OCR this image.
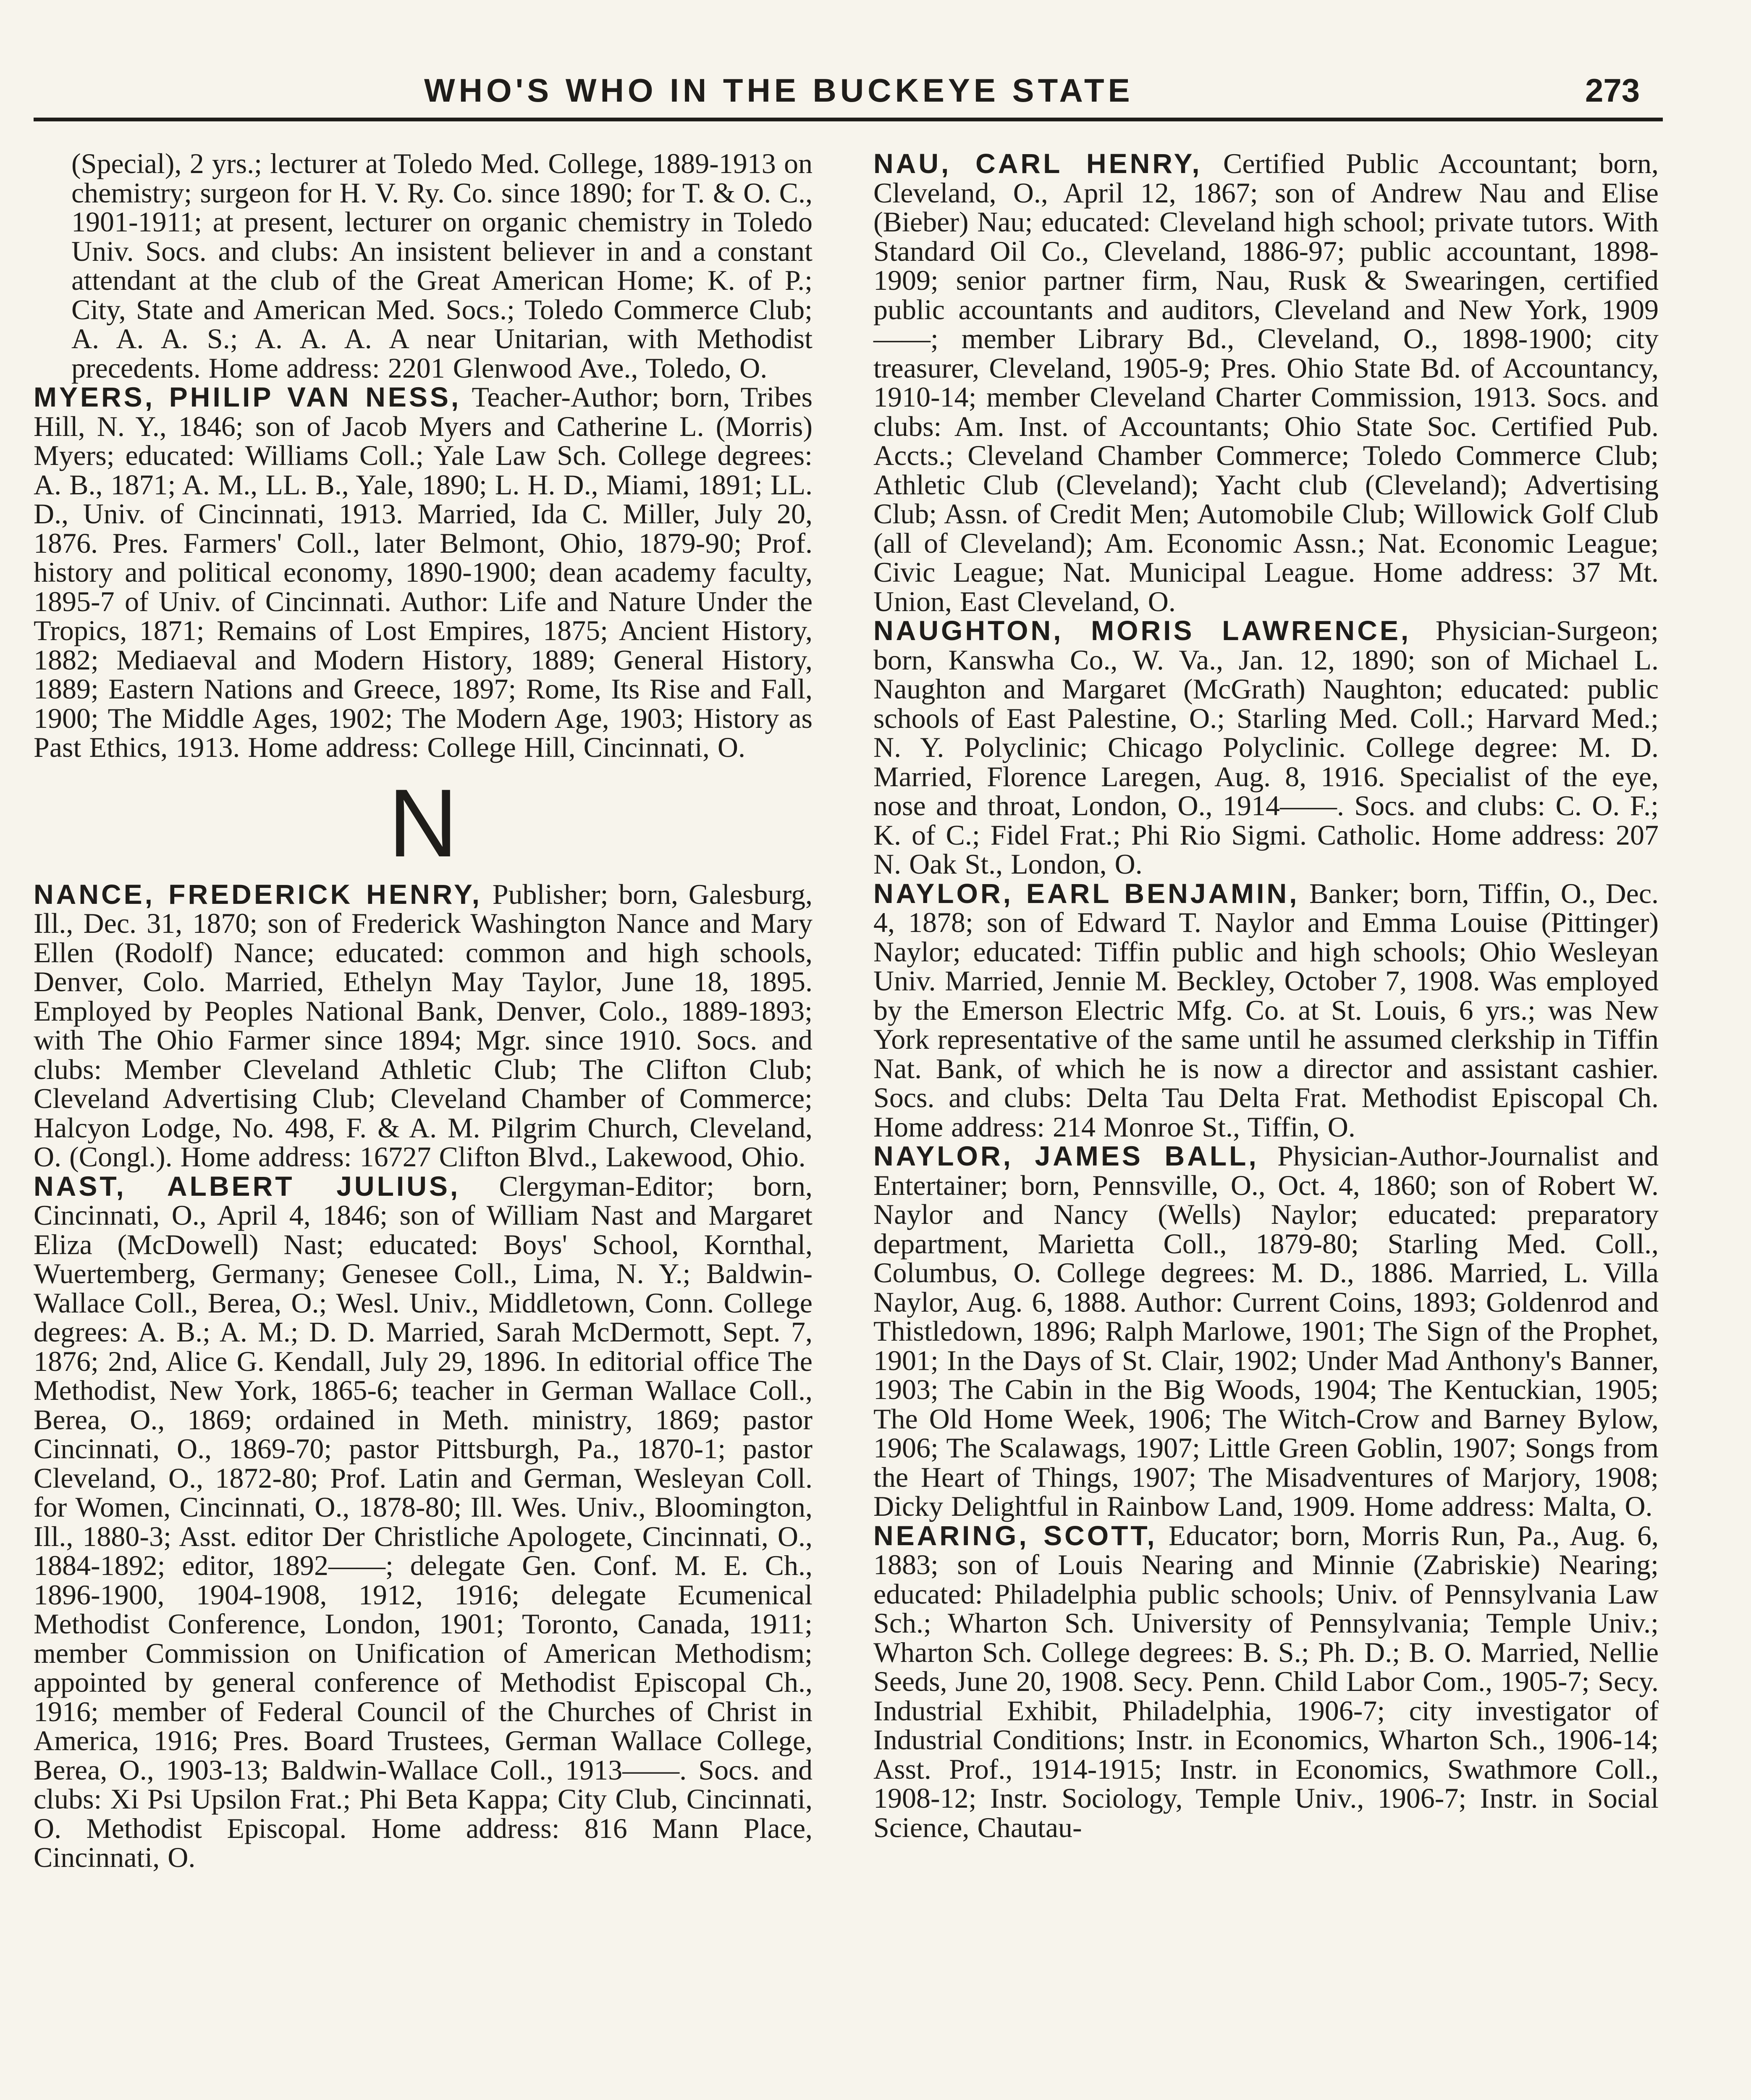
WHO'S WHO IN THE BUCKEYE STATE	273

(Special), 2 yrs.; lecturer at Toledo Med. College, 1889-1913 on chemistry; surgeon for H. V. Ry. Co. since 1890; for T. & O. C., 1901-1911; at present, lecturer on organic chemistry in Toledo Univ. Socs. and clubs: An insistent believer in and a constant attendant at the club of the Great American Home; K. of P.; City, State and American Med. Socs.; Toledo Commerce Club; A. A. A. S.; A. A. A. A near Unitarian, with Methodist precedents. Home address: 2201 Glenwood Ave., Toledo, O.

MYERS, PHILIP VAN NESS, Teacher-Author; born, Tribes Hill, N. Y., 1846; son of Jacob Myers and Catherine L. (Morris) Myers; educated: Williams Coll.; Yale Law Sch. College degrees: A. B., 1871; A. M., LL. B., Yale, 1890; L. H. D., Miami, 1891; LL. D., Univ. of Cincinnati, 1913. Married, Ida C. Miller, July 20, 1876. Pres. Farmers' Coll., later Belmont, Ohio, 1879-90; Prof. history and political economy, 1890-1900; dean academy faculty, 1895-7 of Univ. of Cincinnati. Author: Life and Nature Under the Tropics, 1871; Remains of Lost Empires, 1875; Ancient History, 1882; Mediaeval and Modern History, 1889; General History, 1889; Eastern Nations and Greece, 1897; Rome, Its Rise and Fall, 1900; The Middle Ages, 1902; The Modern Age, 1903; History as Past Ethics, 1913. Home address: College Hill, Cincinnati, O.

N

NANCE, FREDERICK HENRY, Publisher; born, Galesburg, Ill., Dec. 31, 1870; son of Frederick Washington Nance and Mary Ellen (Rodolf) Nance; educated: common and high schools, Denver, Colo. Married, Ethelyn May Taylor, June 18, 1895. Employed by Peoples National Bank, Denver, Colo., 1889-1893; with The Ohio Farmer since 1894; Mgr. since 1910. Socs. and clubs: Member Cleveland Athletic Club; The Clifton Club; Cleveland Advertising Club; Cleveland Chamber of Commerce; Halcyon Lodge, No. 498, F. & A. M. Pilgrim Church, Cleveland, O. (Congl.). Home address: 16727 Clifton Blvd., Lakewood, Ohio.

NAST, ALBERT JULIUS, Clergyman-Editor; born, Cincinnati, O., April 4, 1846; son of William Nast and Margaret Eliza (McDowell) Nast; educated: Boys' School, Kornthal, Wuertemberg, Germany; Genesee Coll., Lima, N. Y.; Baldwin-Wallace Coll., Berea, O.; Wesl. Univ., Middletown, Conn. College degrees: A. B.; A. M.; D. D. Married, Sarah McDermott, Sept. 7, 1876; 2nd, Alice G. Kendall, July 29, 1896. In editorial office The Methodist, New York, 1865-6; teacher in German Wallace Coll., Berea, O., 1869; ordained in Meth. ministry, 1869; pastor Cincinnati, O., 1869-70; pastor Pittsburgh, Pa., 1870-1; pastor Cleveland, O., 1872-80; Prof. Latin and German, Wesleyan Coll. for Women, Cincinnati, O., 1878-80; Ill. Wes. Univ., Bloomington, Ill., 1880-3; Asst. editor Der Christliche Apologete, Cincinnati, O., 1884-1892; editor, 1892——; delegate Gen. Conf. M. E. Ch., 1896-1900, 1904-1908, 1912, 1916; delegate Ecumenical Methodist Conference, London, 1901; Toronto, Canada, 1911; member Commission on Unification of American Methodism; appointed by general conference of Methodist Episcopal Ch., 1916; member of Federal Council of the Churches of Christ in America, 1916; Pres. Board Trustees, German Wallace College, Berea, O., 1903-13; Baldwin-Wallace Coll., 1913——. Socs. and clubs: Xi Psi Upsilon Frat.; Phi Beta Kappa; City Club, Cincinnati, O. Methodist Episcopal. Home address: 816 Mann Place, Cincinnati, O.

NAU, CARL HENRY, Certified Public Accountant; born, Cleveland, O., April 12, 1867; son of Andrew Nau and Elise (Bieber) Nau; educated: Cleveland high school; private tutors. With Standard Oil Co., Cleveland, 1886-97; public accountant, 1898-1909; senior partner firm, Nau, Rusk & Swearingen, certified public accountants and auditors, Cleveland and New York, 1909——; member Library Bd., Cleveland, O., 1898-1900; city treasurer, Cleveland, 1905-9; Pres. Ohio State Bd. of Accountancy, 1910-14; member Cleveland Charter Commission, 1913. Socs. and clubs: Am. Inst. of Accountants; Ohio State Soc. Certified Pub. Accts.; Cleveland Chamber Commerce; Toledo Commerce Club; Athletic Club (Cleveland); Yacht club (Cleveland); Advertising Club; Assn. of Credit Men; Automobile Club; Willowick Golf Club (all of Cleveland); Am. Economic Assn.; Nat. Economic League; Civic League; Nat. Municipal League. Home address: 37 Mt. Union, East Cleveland, O.

NAUGHTON, MORIS LAWRENCE, Physician-Surgeon; born, Kanswha Co., W. Va., Jan. 12, 1890; son of Michael L. Naughton and Margaret (McGrath) Naughton; educated: public schools of East Palestine, O.; Starling Med. Coll.; Harvard Med.; N. Y. Polyclinic; Chicago Polyclinic. College degree: M. D. Married, Florence Laregen, Aug. 8, 1916. Specialist of the eye, nose and throat, London, O., 1914——. Socs. and clubs: C. O. F.; K. of C.; Fidel Frat.; Phi Rio Sigmi. Catholic. Home address: 207 N. Oak St., London, O.

NAYLOR, EARL BENJAMIN, Banker; born, Tiffin, O., Dec. 4, 1878; son of Edward T. Naylor and Emma Louise (Pittinger) Naylor; educated: Tiffin public and high schools; Ohio Wesleyan Univ. Married, Jennie M. Beckley, October 7, 1908. Was employed by the Emerson Electric Mfg. Co. at St. Louis, 6 yrs.; was New York representative of the same until he assumed clerkship in Tiffin Nat. Bank, of which he is now a director and assistant cashier. Socs. and clubs: Delta Tau Delta Frat. Methodist Episcopal Ch. Home address: 214 Monroe St., Tiffin, O.

NAYLOR, JAMES BALL, Physician-Author-Journalist and Entertainer; born, Pennsville, O., Oct. 4, 1860; son of Robert W. Naylor and Nancy (Wells) Naylor; educated: preparatory department, Marietta Coll., 1879-80; Starling Med. Coll., Columbus, O. College degrees: M. D., 1886. Married, L. Villa Naylor, Aug. 6, 1888. Author: Current Coins, 1893; Goldenrod and Thistledown, 1896; Ralph Marlowe, 1901; The Sign of the Prophet, 1901; In the Days of St. Clair, 1902; Under Mad Anthony's Banner, 1903; The Cabin in the Big Woods, 1904; The Kentuckian, 1905; The Old Home Week, 1906; The Witch-Crow and Barney Bylow, 1906; The Scalawags, 1907; Little Green Goblin, 1907; Songs from the Heart of Things, 1907; The Misadventures of Marjory, 1908; Dicky Delightful in Rainbow Land, 1909. Home address: Malta, O.

NEARING, SCOTT, Educator; born, Morris Run, Pa., Aug. 6, 1883; son of Louis Nearing and Minnie (Zabriskie) Nearing; educated: Philadelphia public schools; Univ. of Pennsylvania Law Sch.; Wharton Sch. University of Pennsylvania; Temple Univ.; Wharton Sch. College degrees: B. S.; Ph. D.; B. O. Married, Nellie Seeds, June 20, 1908. Secy. Penn. Child Labor Com., 1905-7; Secy. Industrial Exhibit, Philadelphia, 1906-7; city investigator of Industrial Conditions; Instr. in Economics, Wharton Sch., 1906-14; Asst. Prof., 1914-1915; Instr. in Economics, Swathmore Coll., 1908-12; Instr. Sociology, Temple Univ., 1906-7; Instr. in Social Science, Chautau-
